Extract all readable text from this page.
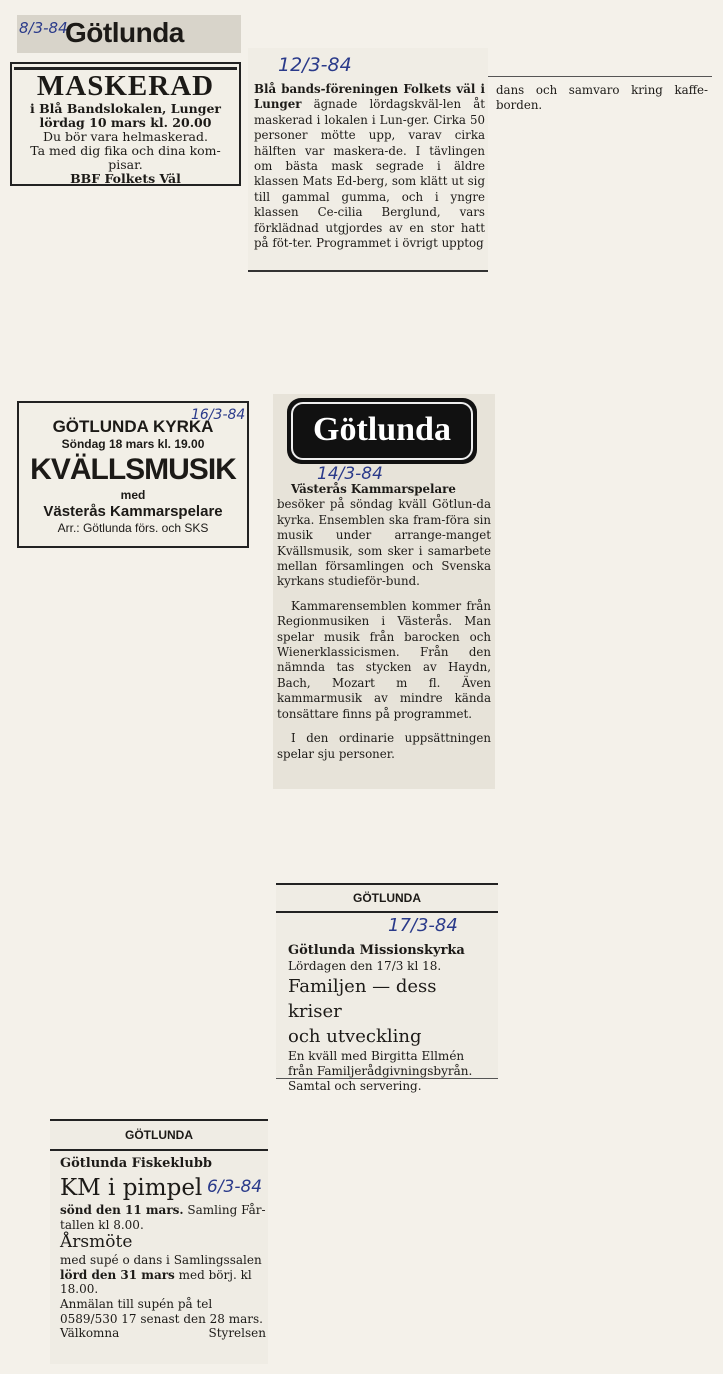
8/3-84
Götlunda
MASKERAD
i Blå Bandslokalen, Lunger
lördag 10 mars kl. 20.00
Du bör vara helmaskerad.
Ta med dig fika och dina kom-
pisar.
BBF Folkets Väl
12/3-84

Blå bands-föreningen Folkets väl i Lunger ägnade lördagskväl-len åt maskerad i lokalen i Lun-ger. Cirka 50 personer mötte upp, varav cirka hälften var maskera-de. I tävlingen om bästa mask segrade i äldre klassen Mats Ed-berg, som klätt ut sig till gammal gumma, och i yngre klassen Ce-cilia Berglund, vars förklädnad utgjordes av en stor hatt på föt-ter. Programmet i övrigt upptog

dans och samvaro kring kaffe-borden.

16/3-84
GÖTLUNDA KYRKA
Söndag 18 mars kl. 19.00
KVÄLLSMUSIK
med
Västerås Kammarspelare
Arr.: Götlunda förs. och SKS
Götlunda
14/3-84

Västerås Kammarspelare

besöker på söndag kväll Götlun-da kyrka. Ensemblen ska fram-föra sin musik under arrange-manget Kvällsmusik, som sker i samarbete mellan församlingen och Svenska kyrkans studieför-bund.

Kammarensemblen kommer från Regionmusiken i Västerås. Man spelar musik från barocken och Wienerklassicismen. Från den nämnda tas stycken av Haydn, Bach, Mozart m fl. Även kammarmusik av mindre kända tonsättare finns på programmet.

I den ordinarie uppsättningen spelar sju personer.

GÖTLUNDA
17/3-84
Götlunda Missionskyrka
Lördagen den 17/3 kl 18.
Familjen — dess kriser
och utveckling
En kväll med Birgitta Ellmén
från Familjerådgivningsbyrån.
Samtal och servering.
GÖTLUNDA
6/3-84
Götlunda Fiskeklubb
KM i pimpel
sönd den 11 mars. Samling Får-
tallen kl 8.00.
Årsmöte
med supé o dans i Samlingssalen
lörd den 31 mars med börj. kl
18.00.
Anmälan till supén på tel
0589/530 17 senast den 28 mars.
Välkomna	Styrelsen
